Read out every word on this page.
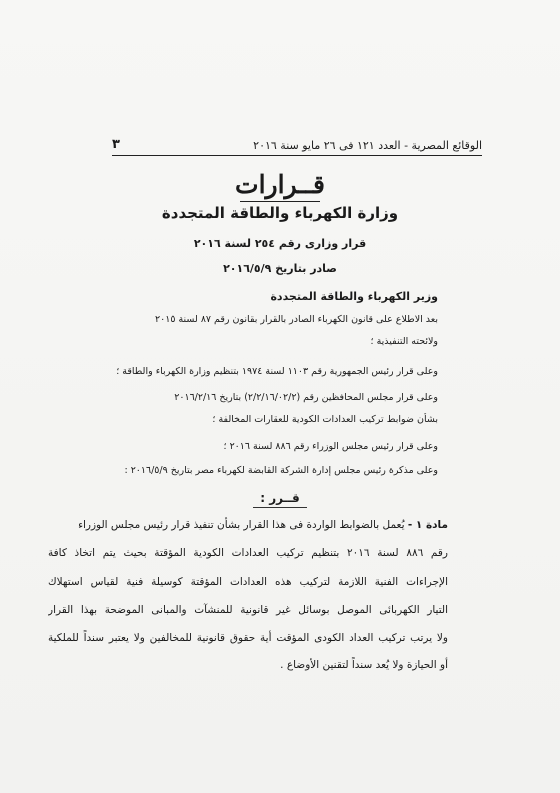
الوقائع المصرية - العدد ١٢١ فى ٢٦ مايو سنة ٢٠١٦
٣
قــرارات
وزارة الكهرباء والطاقة المتجددة
قرار وزارى رقم ٢٥٤ لسنة ٢٠١٦
صادر بتاريخ ٢٠١٦/٥/٩
وزير الكهرباء والطاقة المتجددة
بعد الاطلاع على قانون الكهرباء الصادر بالقرار بقانون رقم ٨٧ لسنة ٢٠١٥
ولائحته التنفيذية ؛
وعلى قرار رئيس الجمهورية رقم ١١٠٣ لسنة ١٩٧٤ بتنظيم وزارة الكهرباء والطاقة ؛
وعلى قرار مجلس المحافظين رقم (٢/٢/١٦/٠٢/٢) بتاريخ ٢٠١٦/٢/١٦
بشأن ضوابط تركيب العدادات الكودية للعقارات المخالفة ؛
وعلى قرار رئيس مجلس الوزراء رقم ٨٨٦ لسنة ٢٠١٦ ؛
وعلى مذكرة رئيس مجلس إدارة الشركة القابضة لكهرباء مصر بتاريخ ٢٠١٦/٥/٩ :
قــرر :
مادة ١ - يُعمل بالضوابط الواردة فى هذا القرار بشأن تنفيذ قرار رئيس مجلس الوزراء
رقم ٨٨٦ لسنة ٢٠١٦ بتنظيم تركيب العدادات الكودية المؤقتة بحيث يتم اتخاذ كافة
الإجراءات الفنية اللازمة لتركيب هذه العدادات المؤقتة كوسيلة فنية لقياس استهلاك
التيار الكهربائى الموصل بوسائل غير قانونية للمنشآت والمبانى الموضحة بهذا القرار
ولا يرتب تركيب العداد الكودى المؤقت أية حقوق قانونية للمخالفين ولا يعتبر سنداً للملكية
أو الحيازة ولا يُعد سنداً لتقنين الأوضاع .
